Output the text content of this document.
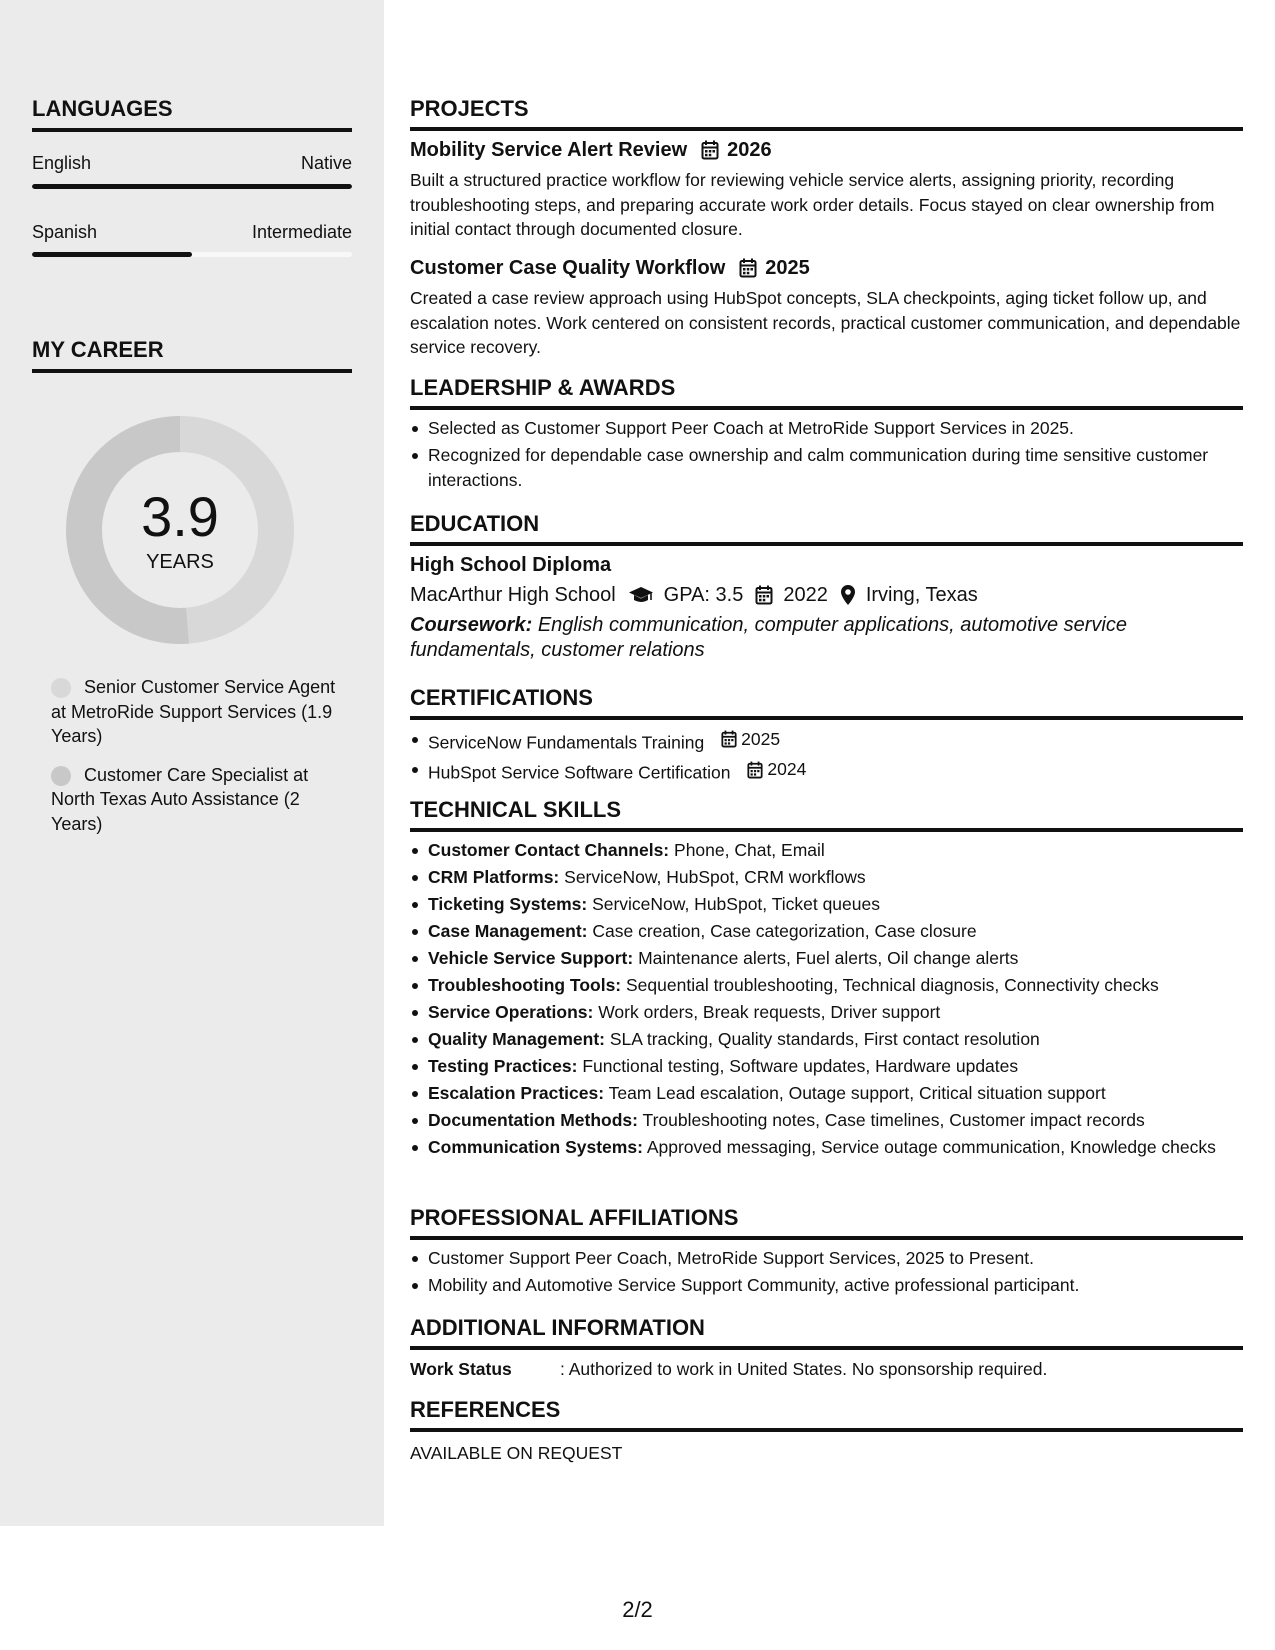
LANGUAGES
English	Native
Spanish	Intermediate
MY CAREER
3.9
YEARS
Senior Customer Service Agent at MetroRide Support Services (1.9 Years)
Customer Care Specialist at North Texas Auto Assistance (2 Years)
PROJECTS
Mobility Service Alert Review 2026
Built a structured practice workflow for reviewing vehicle service alerts, assigning priority, recording troubleshooting steps, and preparing accurate work order details. Focus stayed on clear ownership from initial contact through documented closure.
Customer Case Quality Workflow 2025
Created a case review approach using HubSpot concepts, SLA checkpoints, aging ticket follow up, and escalation notes. Work centered on consistent records, practical customer communication, and dependable service recovery.
LEADERSHIP & AWARDS
Selected as Customer Support Peer Coach at MetroRide Support Services in 2025.
Recognized for dependable case ownership and calm communication during time sensitive customer interactions.
EDUCATION
High School Diploma
MacArthur High School GPA: 3.5 2022 Irving, Texas
Coursework: English communication, computer applications, automotive service fundamentals, customer relations
CERTIFICATIONS
ServiceNow Fundamentals Training 2025
HubSpot Service Software Certification 2024
TECHNICAL SKILLS
Customer Contact Channels: Phone, Chat, Email
CRM Platforms: ServiceNow, HubSpot, CRM workflows
Ticketing Systems: ServiceNow, HubSpot, Ticket queues
Case Management: Case creation, Case categorization, Case closure
Vehicle Service Support: Maintenance alerts, Fuel alerts, Oil change alerts
Troubleshooting Tools: Sequential troubleshooting, Technical diagnosis, Connectivity checks
Service Operations: Work orders, Break requests, Driver support
Quality Management: SLA tracking, Quality standards, First contact resolution
Testing Practices: Functional testing, Software updates, Hardware updates
Escalation Practices: Team Lead escalation, Outage support, Critical situation support
Documentation Methods: Troubleshooting notes, Case timelines, Customer impact records
Communication Systems: Approved messaging, Service outage communication, Knowledge checks
PROFESSIONAL AFFILIATIONS
Customer Support Peer Coach, MetroRide Support Services, 2025 to Present.
Mobility and Automotive Service Support Community, active professional participant.
ADDITIONAL INFORMATION
Work Status	: Authorized to work in United States. No sponsorship required.
REFERENCES
AVAILABLE ON REQUEST
2/2
